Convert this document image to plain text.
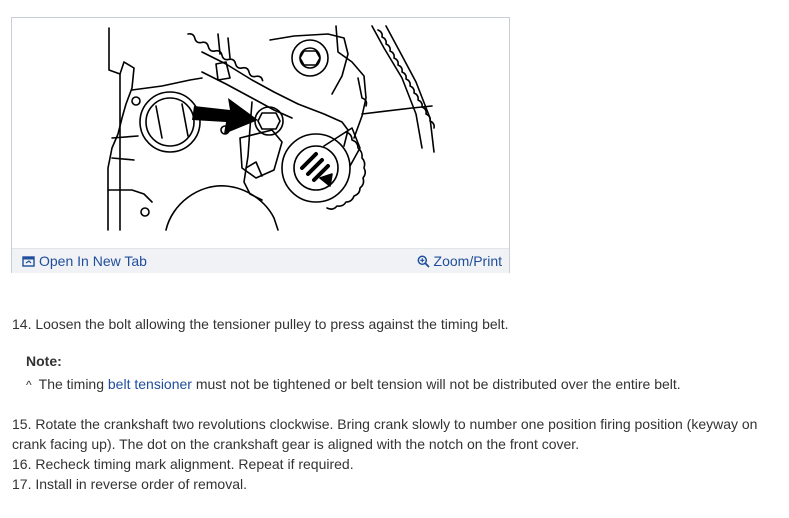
Open In New Tab	Zoom/Print
14. Loosen the bolt allowing the tensioner pulley to press against the timing belt.
Note:
^ The timing belt tensioner must not be tightened or belt tension will not be distributed over the entire belt.

15. Rotate the crankshaft two revolutions clockwise. Bring crank slowly to number one position firing position (keyway on crank facing up). The dot on the crankshaft gear is aligned with the notch on the front cover.

16. Recheck timing mark alignment. Repeat if required.

17. Install in reverse order of removal.
